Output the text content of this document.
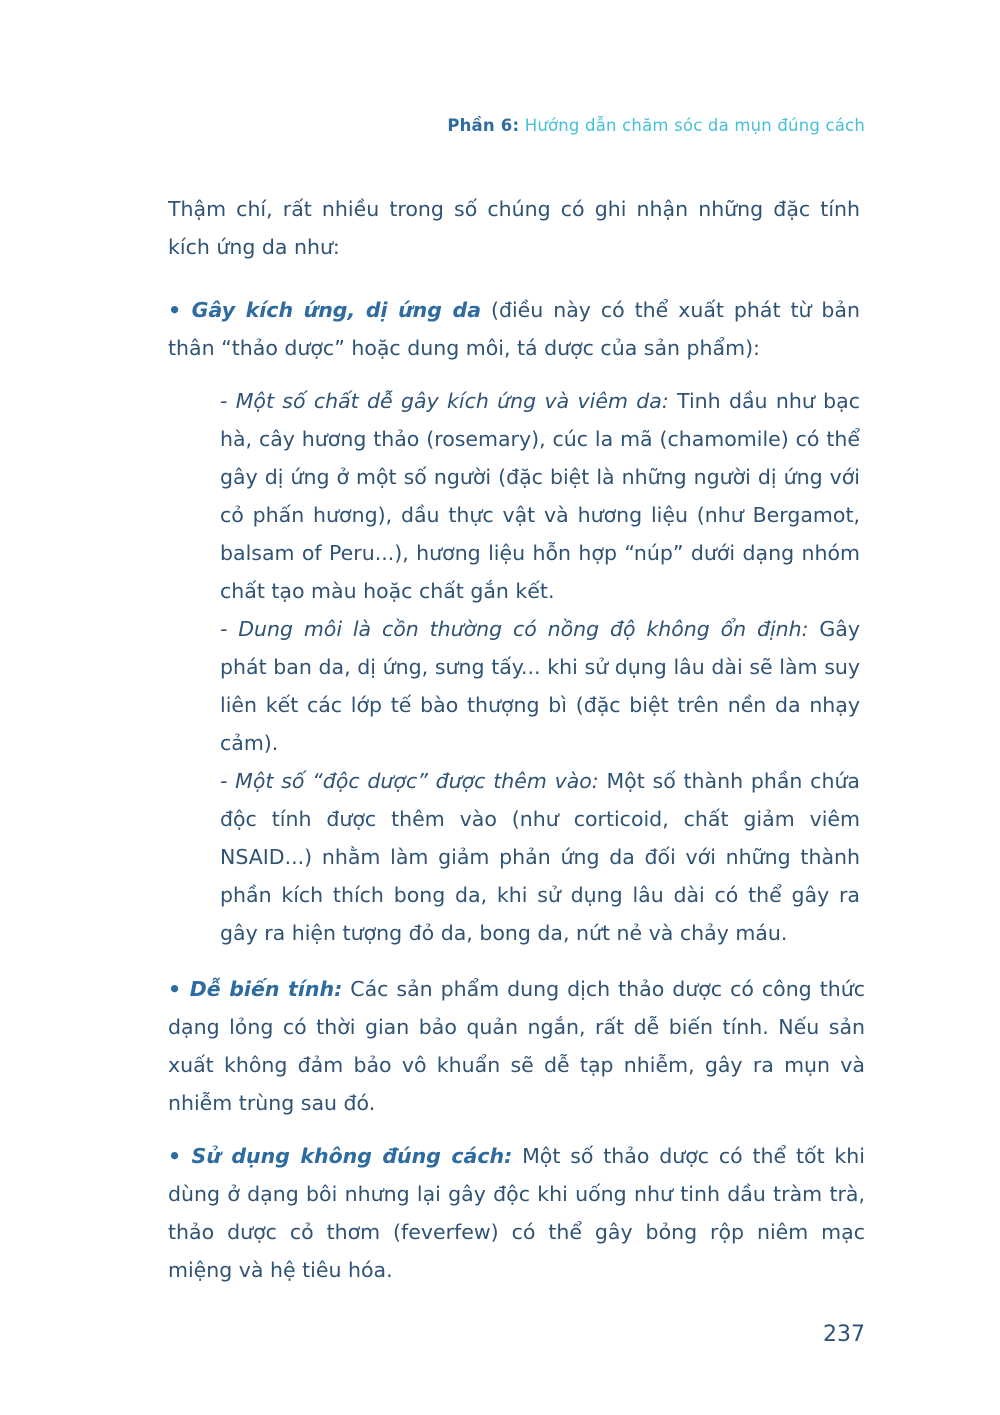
Phần 6: Hướng dẫn chăm sóc da mụn đúng cách

Thậm chí, rất nhiều trong số chúng có ghi nhận những đặc tính kích ứng da như:

• Gây kích ứng, dị ứng da (điều này có thể xuất phát từ bản thân “thảo dược” hoặc dung môi, tá dược của sản phẩm):

- Một số chất dễ gây kích ứng và viêm da: Tinh dầu như bạc hà, cây hương thảo (rosemary), cúc la mã (chamomile) có thể gây dị ứng ở một số người (đặc biệt là những người dị ứng với cỏ phấn hương), dầu thực vật và hương liệu (như Bergamot, balsam of Peru...), hương liệu hỗn hợp “núp” dưới dạng nhóm chất tạo màu hoặc chất gắn kết.

- Dung môi là cồn thường có nồng độ không ổn định: Gây phát ban da, dị ứng, sưng tấy... khi sử dụng lâu dài sẽ làm suy liên kết các lớp tế bào thượng bì (đặc biệt trên nền da nhạy cảm).

- Một số “độc dược” được thêm vào: Một số thành phần chứa độc tính được thêm vào (như corticoid, chất giảm viêm NSAID...) nhằm làm giảm phản ứng da đối với những thành phần kích thích bong da, khi sử dụng lâu dài có thể gây ra gây ra hiện tượng đỏ da, bong da, nứt nẻ và chảy máu.

• Dễ biến tính: Các sản phẩm dung dịch thảo dược có công thức dạng lỏng có thời gian bảo quản ngắn, rất dễ biến tính. Nếu sản xuất không đảm bảo vô khuẩn sẽ dễ tạp nhiễm, gây ra mụn và nhiễm trùng sau đó.

• Sử dụng không đúng cách: Một số thảo dược có thể tốt khi dùng ở dạng bôi nhưng lại gây độc khi uống như tinh dầu tràm trà, thảo dược cỏ thơm (feverfew) có thể gây bỏng rộp niêm mạc miệng và hệ tiêu hóa.

237
